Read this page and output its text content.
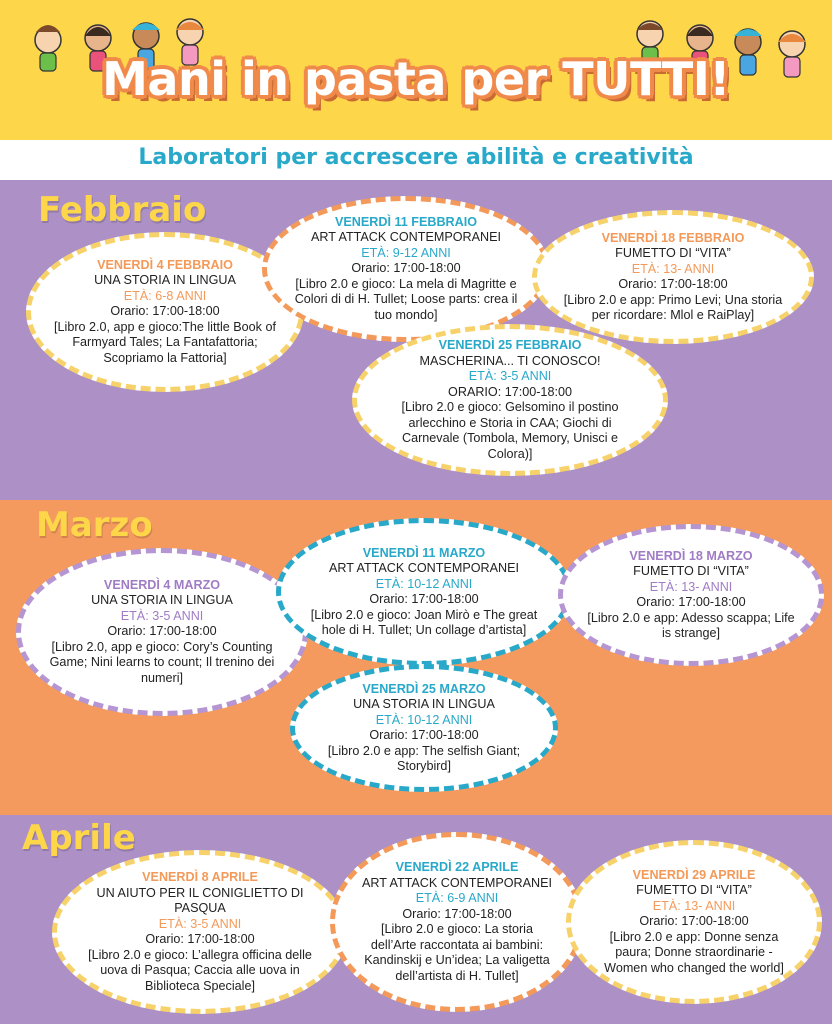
Mani in pasta per TUTTI!
Laboratori per accrescere abilità e creatività
Febbraio
Marzo
Aprile
VENERDÌ 4 FEBBRAIO
UNA STORIA IN LINGUA
ETÀ: 6-8 ANNI
Orario: 17:00-18:00
[Libro 2.0, app e gioco:The little Book of Farmyard Tales; La Fantafattoria; Scopriamo la Fattoria]
VENERDÌ 11 FEBBRAIO
ART ATTACK CONTEMPORANEI
ETÀ: 9-12 ANNI
Orario: 17:00-18:00
[Libro 2.0 e gioco: La mela di Magritte e Colori di di H. Tullet; Loose parts: crea il tuo mondo]
VENERDÌ 18 FEBBRAIO
FUMETTO DI “VITA”
ETÀ: 13- ANNI
Orario: 17:00-18:00
[Libro 2.0 e app: Primo Levi; Una storia per ricordare: Mlol e RaiPlay]
VENERDÌ 25 FEBBRAIO
MASCHERINA... TI CONOSCO!
ETÀ: 3-5 ANNI
ORARIO: 17:00-18:00
[Libro 2.0 e gioco: Gelsomino il postino arlecchino e Storia in CAA; Giochi di Carnevale (Tombola, Memory, Unisci e Colora)]
VENERDÌ 4 MARZO
UNA STORIA IN LINGUA
ETÀ: 3-5 ANNI
Orario: 17:00-18:00
[Libro 2.0, app e gioco: Cory’s Counting Game; Nini learns to count; Il trenino dei numeri]
VENERDÌ 11 MARZO
ART ATTACK CONTEMPORANEI
ETÀ: 10-12 ANNI
Orario: 17:00-18:00
[Libro 2.0 e gioco: Joan Mirò e The great hole di H. Tullet; Un collage d’artista]
VENERDÌ 18 MARZO
FUMETTO DI “VITA”
ETÀ: 13- ANNI
Orario: 17:00-18:00
[Libro 2.0 e app: Adesso scappa; Life is strange]
VENERDÌ 25 MARZO
UNA STORIA IN LINGUA
ETÀ: 10-12 ANNI
Orario: 17:00-18:00
[Libro 2.0 e app: The selfish Giant; Storybird]
VENERDÌ 8 APRILE
UN AIUTO PER IL CONIGLIETTO DI PASQUA
ETÀ: 3-5 ANNI
Orario: 17:00-18:00
[Libro 2.0 e gioco: L’allegra officina delle uova di Pasqua; Caccia alle uova in Biblioteca Speciale]
VENERDÌ 22 APRILE
ART ATTACK CONTEMPORANEI
ETÀ: 6-9 ANNI
Orario: 17:00-18:00
[Libro 2.0 e gioco: La storia dell’Arte raccontata ai bambini: Kandinskij e Un’idea; La valigetta dell’artista di H. Tullet]
VENERDÌ 29 APRILE
FUMETTO DI “VITA”
ETÀ: 13- ANNI
Orario: 17:00-18:00
[Libro 2.0 e app: Donne senza paura; Donne straordinarie - Women who changed the world]
